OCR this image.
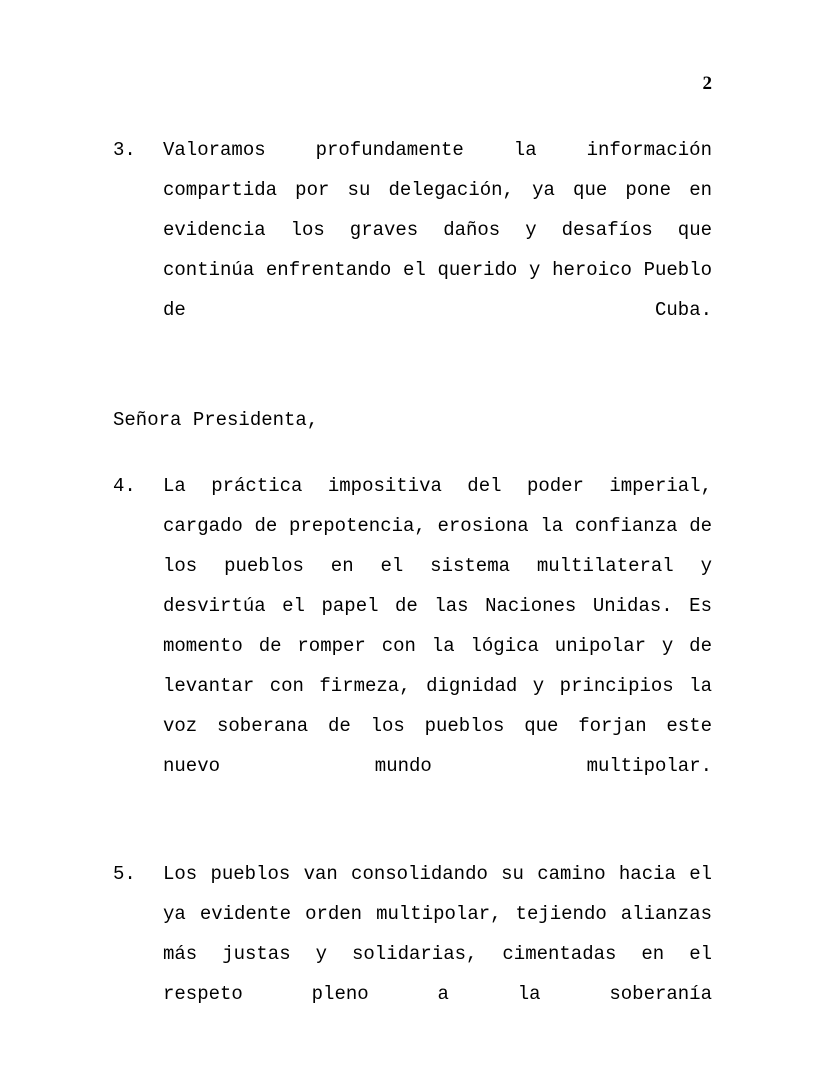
2
3.	Valoramos profundamente la información compartida por su delegación, ya que pone en evidencia los graves daños y desafíos que continúa enfrentando el querido y heroico Pueblo de Cuba.
Señora Presidenta,
4.	La práctica impositiva del poder imperial, cargado de prepotencia, erosiona la confianza de los pueblos en el sistema multilateral y desvirtúa el papel de las Naciones Unidas. Es momento de romper con la lógica unipolar y de levantar con firmeza, dignidad y principios la voz soberana de los pueblos que forjan este nuevo mundo multipolar.
5.	Los pueblos van consolidando su camino hacia el ya evidente orden multipolar, tejiendo alianzas más justas y solidarias, cimentadas en el respeto pleno a la soberanía
